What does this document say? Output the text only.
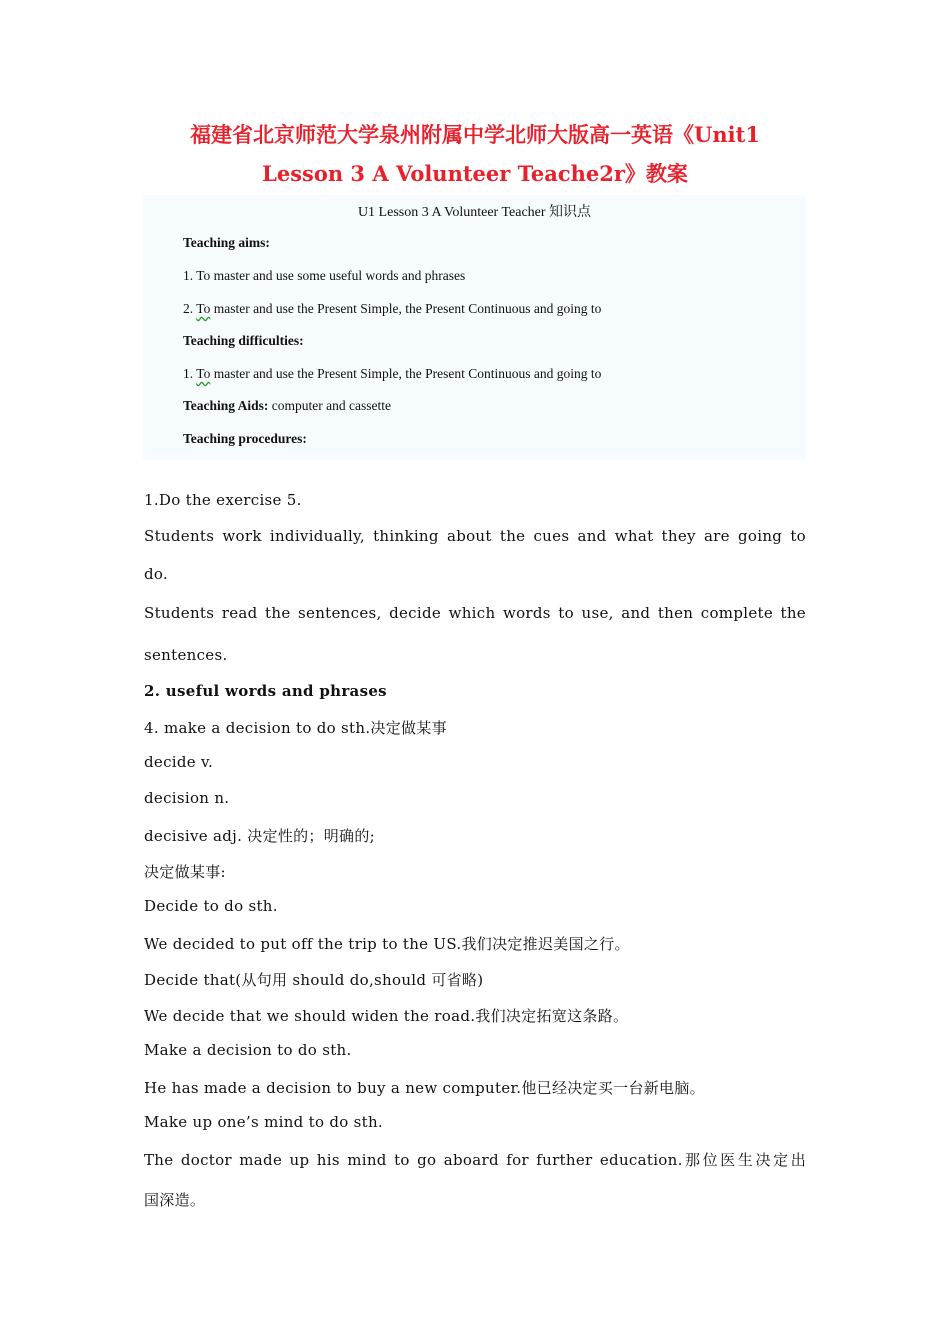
福建省北京师范大学泉州附属中学北师大版高一英语《Unit1
Lesson 3 A Volunteer Teache2r》教案
U1 Lesson 3 A Volunteer Teacher 知识点
Teaching aims:
1. To master and use some useful words and phrases
2. To master and use the Present Simple, the Present Continuous and going to
Teaching difficulties:
1. To master and use the Present Simple, the Present Continuous and going to
Teaching Aids: computer and cassette
Teaching procedures:
1.Do the exercise 5.
Students work individually, thinking about the cues and what they are going to
do.
Students read the sentences, decide which words to use, and then complete the
sentences.
2. useful words and phrases
4. make a decision to do sth.决定做某事
decide v.
decision n.
decisive adj. 决定性的；明确的;
决定做某事:
Decide to do sth.
We decided to put off the trip to the US.我们决定推迟美国之行。
Decide that(从句用 should do,should 可省略)
We decide that we should widen the road.我们决定拓宽这条路。
Make a decision to do sth.
He has made a decision to buy a new computer.他已经决定买一台新电脑。
Make up one’s mind to do sth.
The doctor made up his mind to go aboard for further education.那位医生决定出
国深造。
